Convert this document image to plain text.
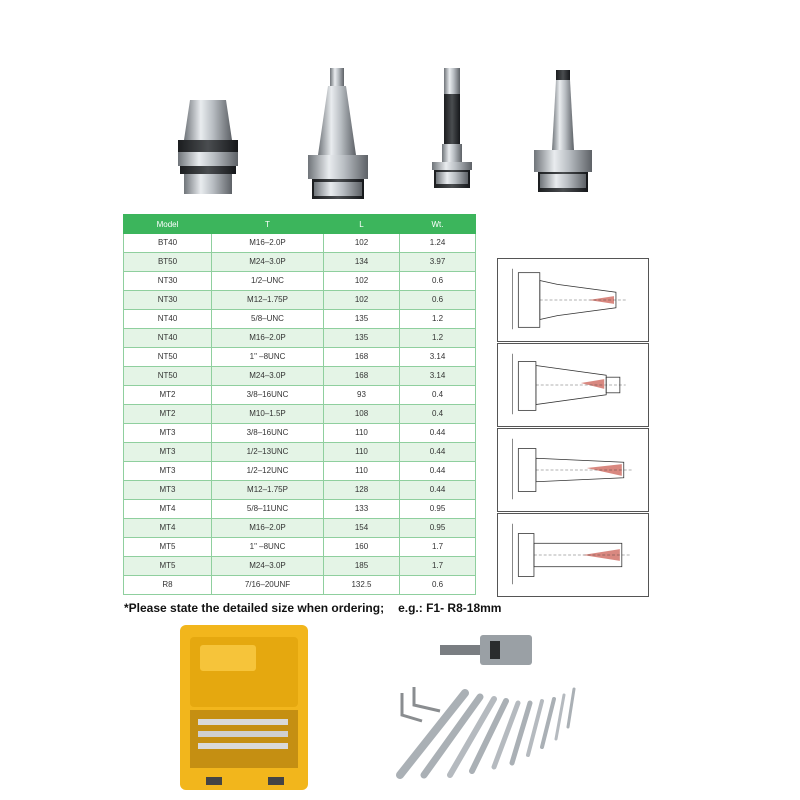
Model	T	L	Wt.
BT40	M16–2.0P	102	1.24
BT50	M24–3.0P	134	3.97
NT30	1/2–UNC	102	0.6
NT30	M12–1.75P	102	0.6
NT40	5/8–UNC	135	1.2
NT40	M16–2.0P	135	1.2
NT50	1" –8UNC	168	3.14
NT50	M24–3.0P	168	3.14
MT2	3/8–16UNC	93	0.4
MT2	M10–1.5P	108	0.4
MT3	3/8–16UNC	110	0.44
MT3	1/2–13UNC	110	0.44
MT3	1/2–12UNC	110	0.44
MT3	M12–1.75P	128	0.44
MT4	5/8–11UNC	133	0.95
MT4	M16–2.0P	154	0.95
MT5	1" –8UNC	160	1.7
MT5	M24–3.0P	185	1.7
R8	7/16–20UNF	132.5	0.6
*Please state the detailed size when ordering; e.g.: F1- R8-18mm
